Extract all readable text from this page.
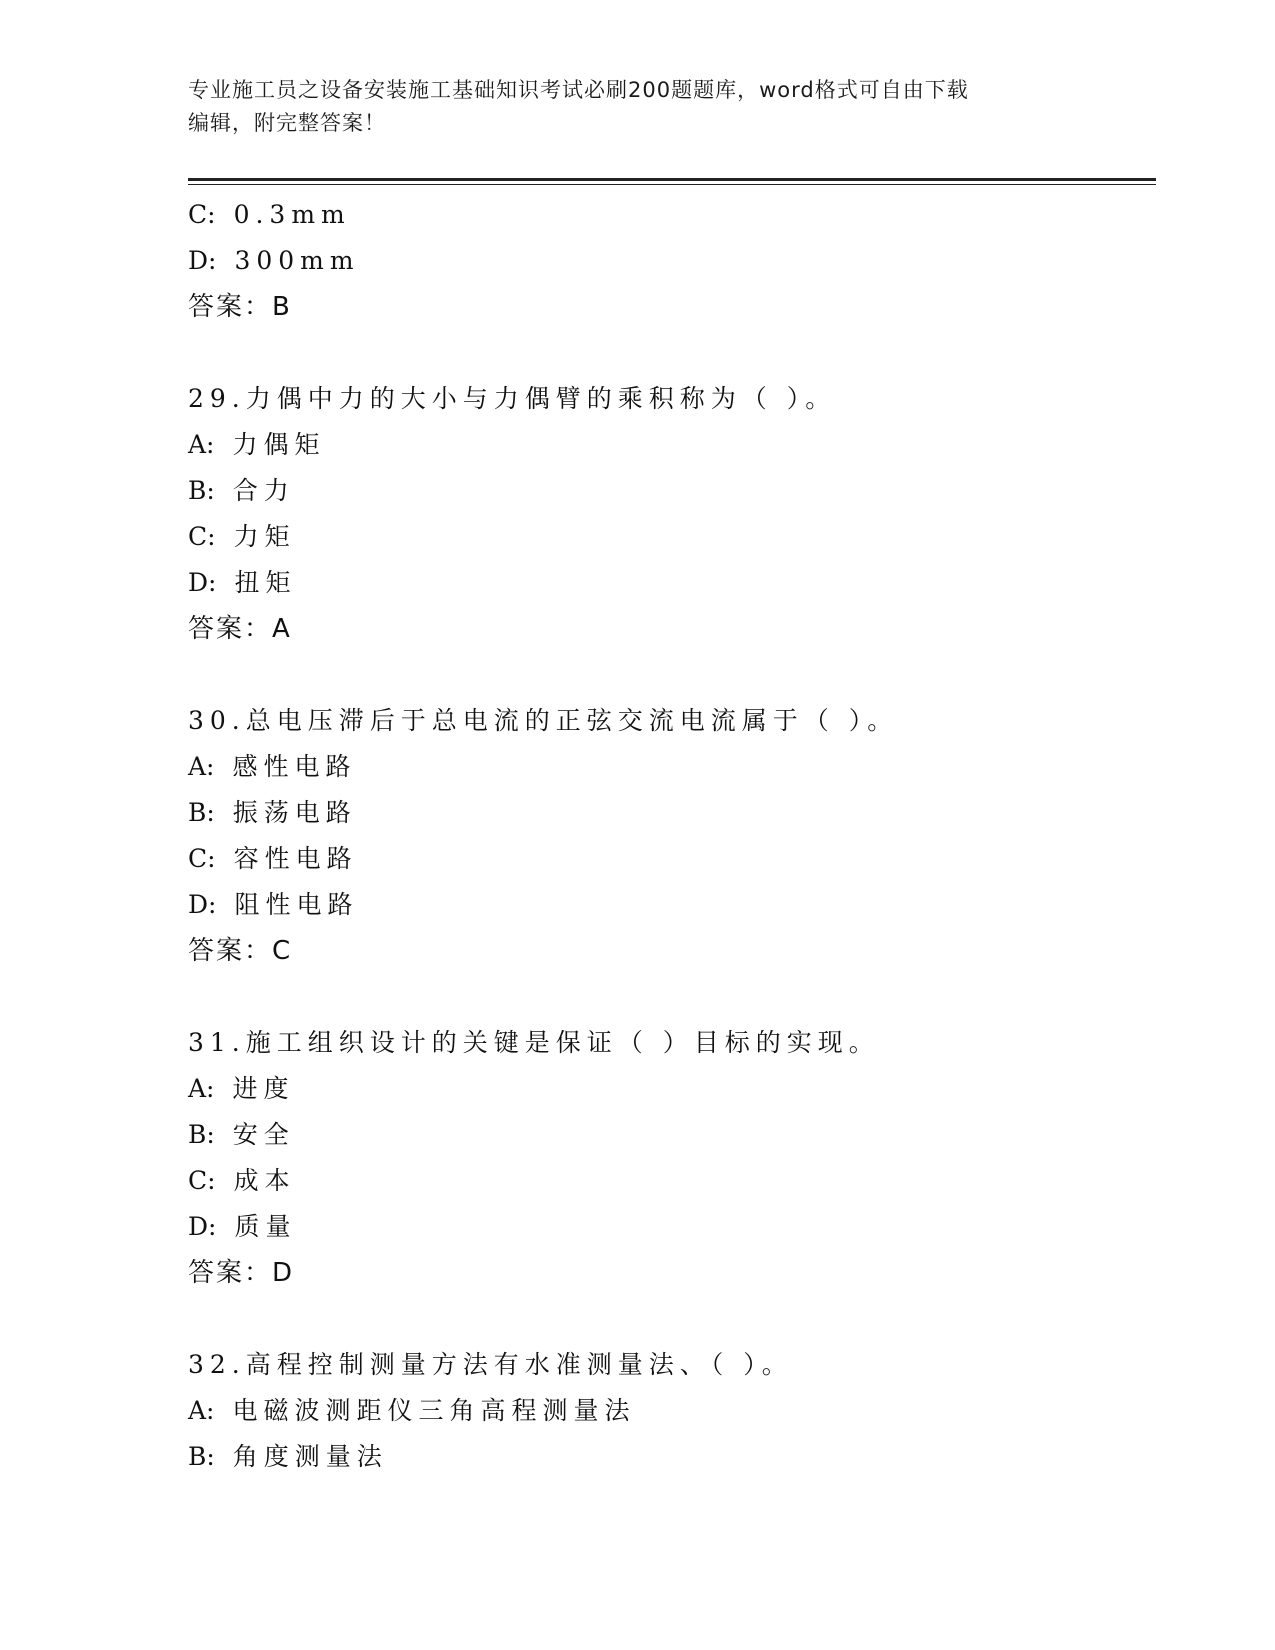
专业施工员之设备安装施工基础知识考试必刷200题题库，word格式可自由下载
编辑，附完整答案！
C: 0.3mm
D: 300mm
答案：B
29.力偶中力的大小与力偶臂的乘积称为（ ）。
A: 力偶矩
B: 合力
C: 力矩
D: 扭矩
答案：A
30.总电压滞后于总电流的正弦交流电流属于（ ）。
A: 感性电路
B: 振荡电路
C: 容性电路
D: 阻性电路
答案：C
31.施工组织设计的关键是保证（ ）目标的实现。
A: 进度
B: 安全
C: 成本
D: 质量
答案：D
32.高程控制测量方法有水准测量法、（ ）。
A: 电磁波测距仪三角高程测量法
B: 角度测量法
